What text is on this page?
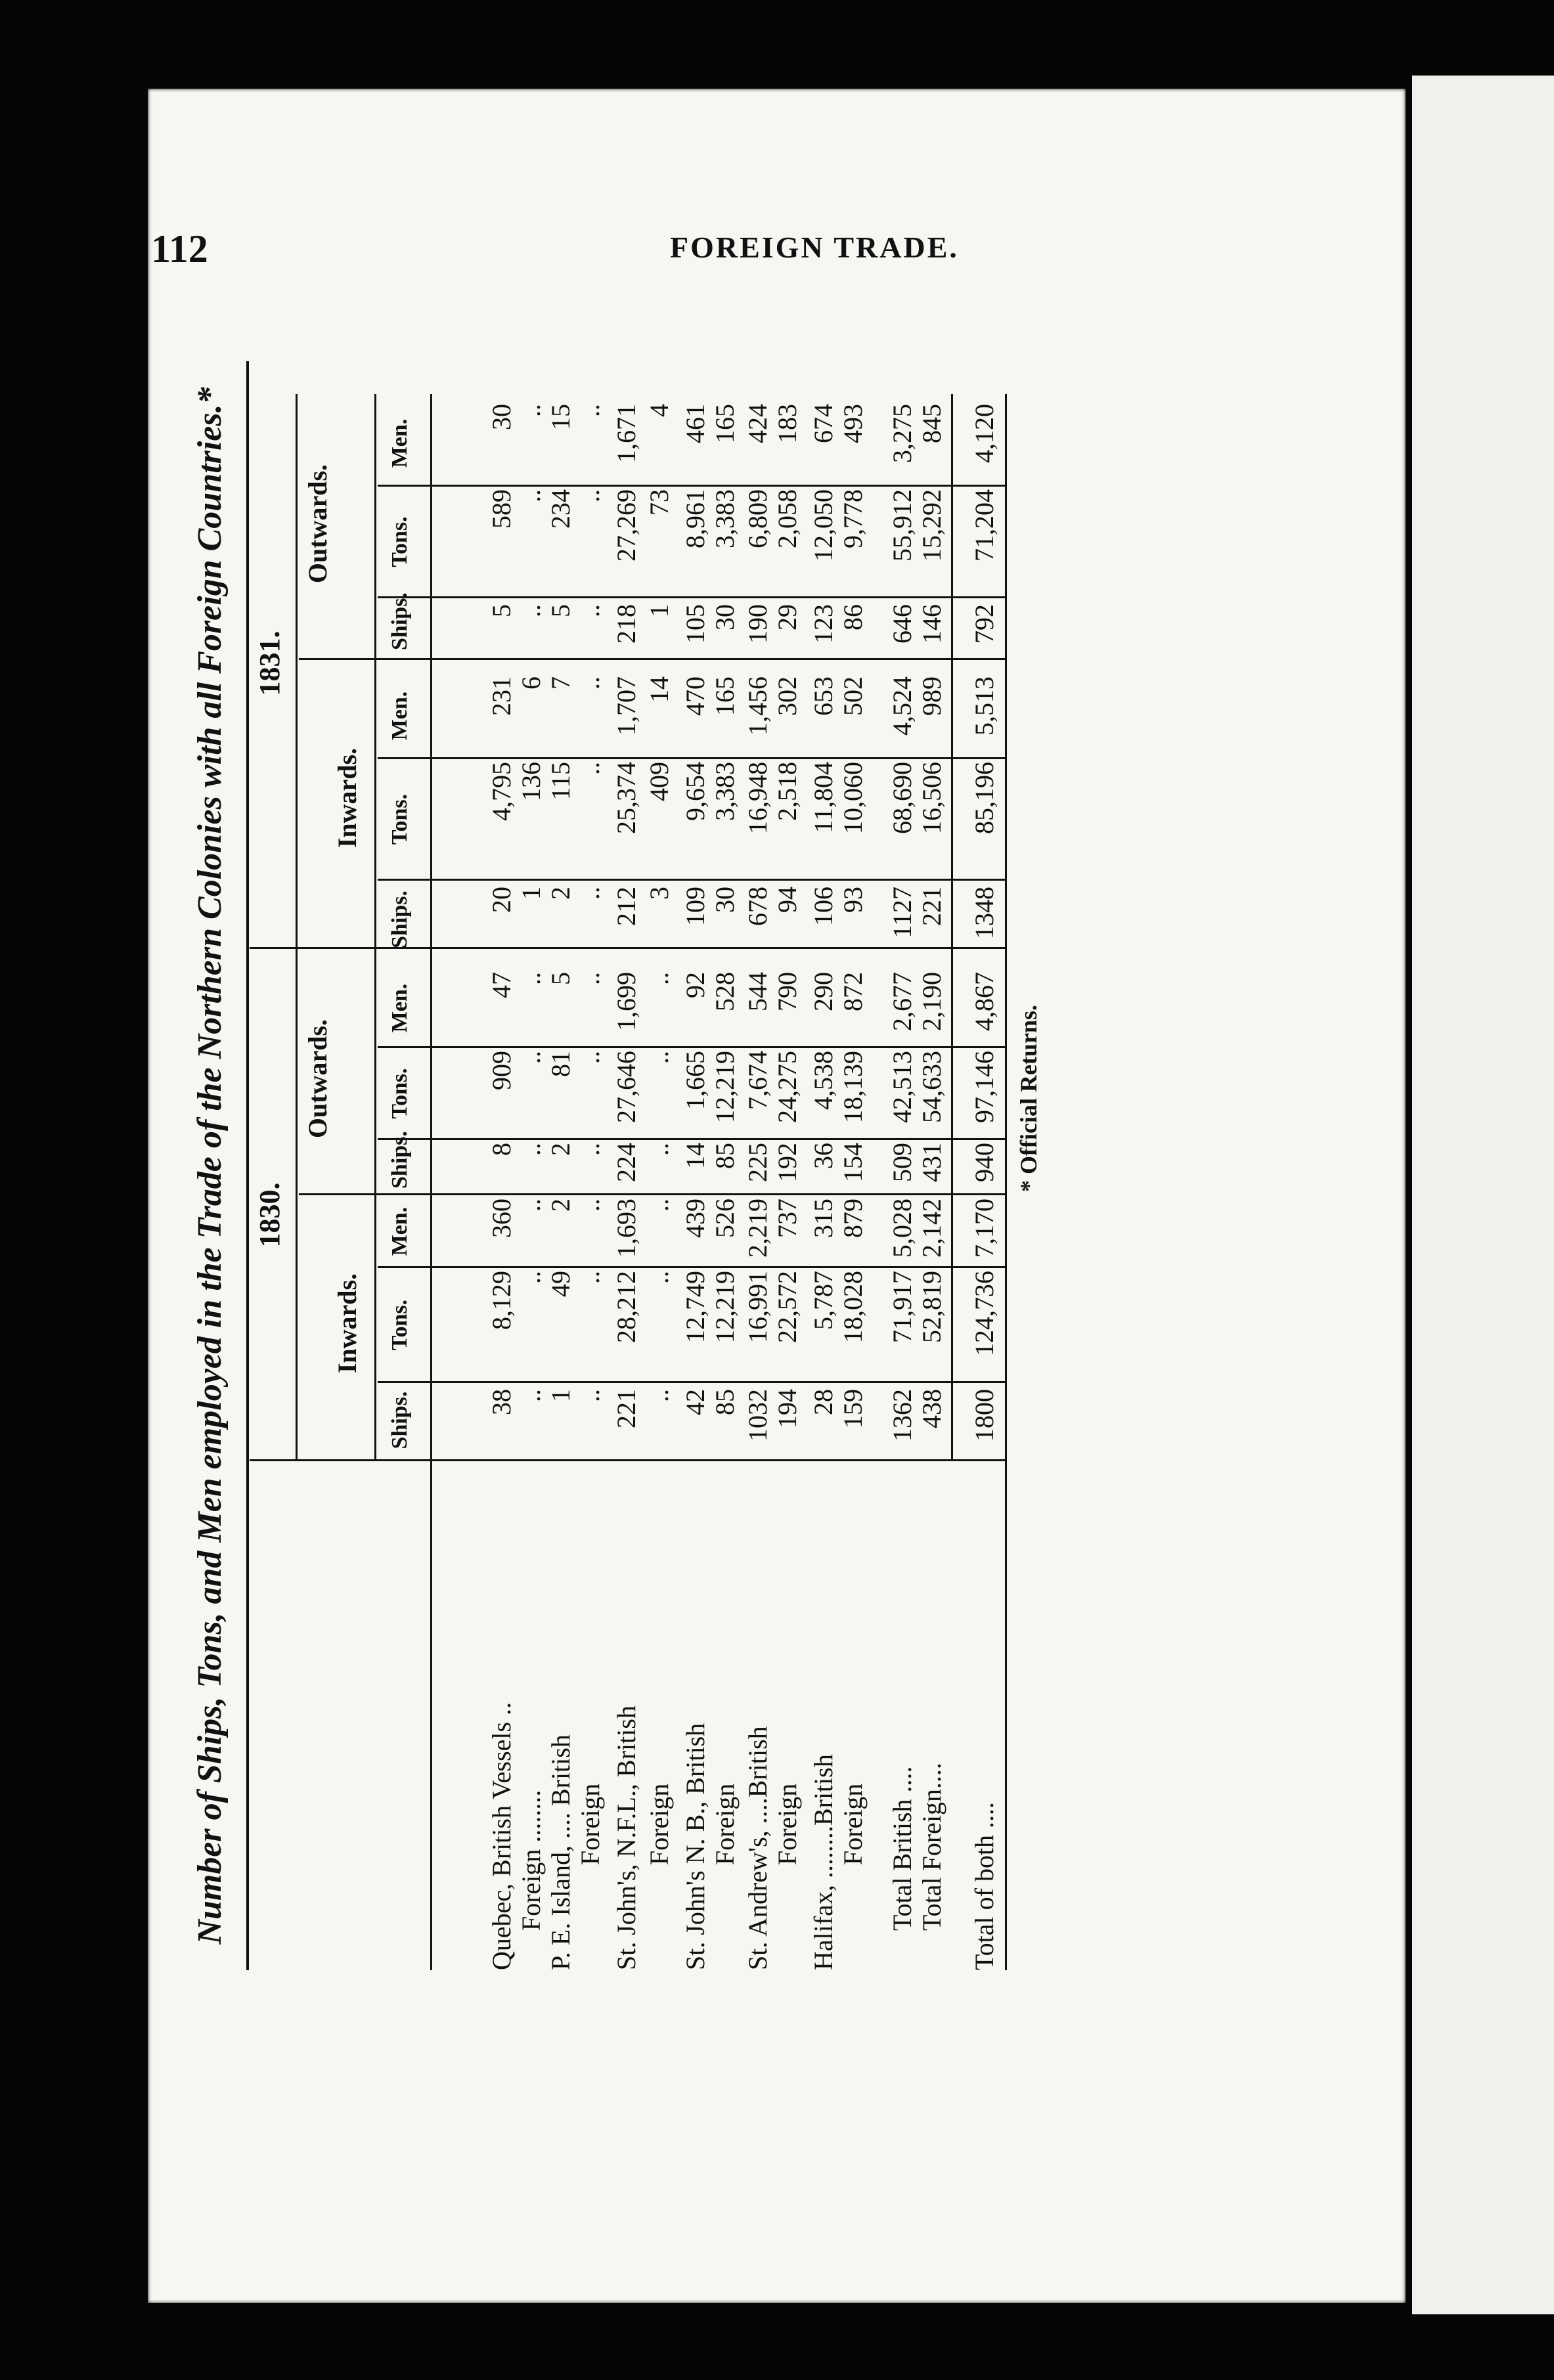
112	FOREIGN TRADE.
Number of Ships, Tons, and Men employed in the Trade of the Northern Colonies with all Foreign Countries.* 1830.
1831.
Inwards.
Outwards.
Inwards.
Outwards.
Ships.
Tons.
Men.
Ships.
Tons.
Men.
Ships.
Tons.
Men.
Ships.
Tons.
Men.
Quebec, British Vessels ..
38
8,129
360
8
909
47
20
4,795
231
5
589
30
Foreign ........
..
..
..
..
..
..
1
136
6
..
..
..
P. E. Island, .... British
1
49
2
2
81
5
2
115
7
5
234
15
Foreign
..
..
..
..
..
..
..
..
..
..
..
..
St. John's, N.F.L., British
221
28,212
1,693
224
27,646
1,699
212
25,374
1,707
218
27,269
1,671
Foreign
..
..
..
..
..
..
3
409
14
1
73
4
St. John's N. B., British
42
12,749
439
14
1,665
92
109
9,654
470
105
8,961
461
Foreign
85
12,219
526
85
12,219
528
30
3,383
165
30
3,383
165
St. Andrew's, ....British
1032
16,991
2,219
225
7,674
544
678
16,948
1,456
190
6,809
424
Foreign
194
22,572
737
192
24,275
790
94
2,518
302
29
2,058
183
Halifax, ........British
28
5,787
315
36
4,538
290
106
11,804
653
123
12,050
674
Foreign
159
18,028
879
154
18,139
872
93
10,060
502
86
9,778
493
Total British ....
1362
71,917
5,028
509
42,513
2,677
1127
68,690
4,524
646
55,912
3,275
Total Foreign....
438
52,819
2,142
431
54,633
2,190
221
16,506
989
146
15,292
845
Total of both ....
1800
124,736
7,170
940
97,146
4,867
1348
85,196
5,513
792
71,204
4,120
* Official Returns.
